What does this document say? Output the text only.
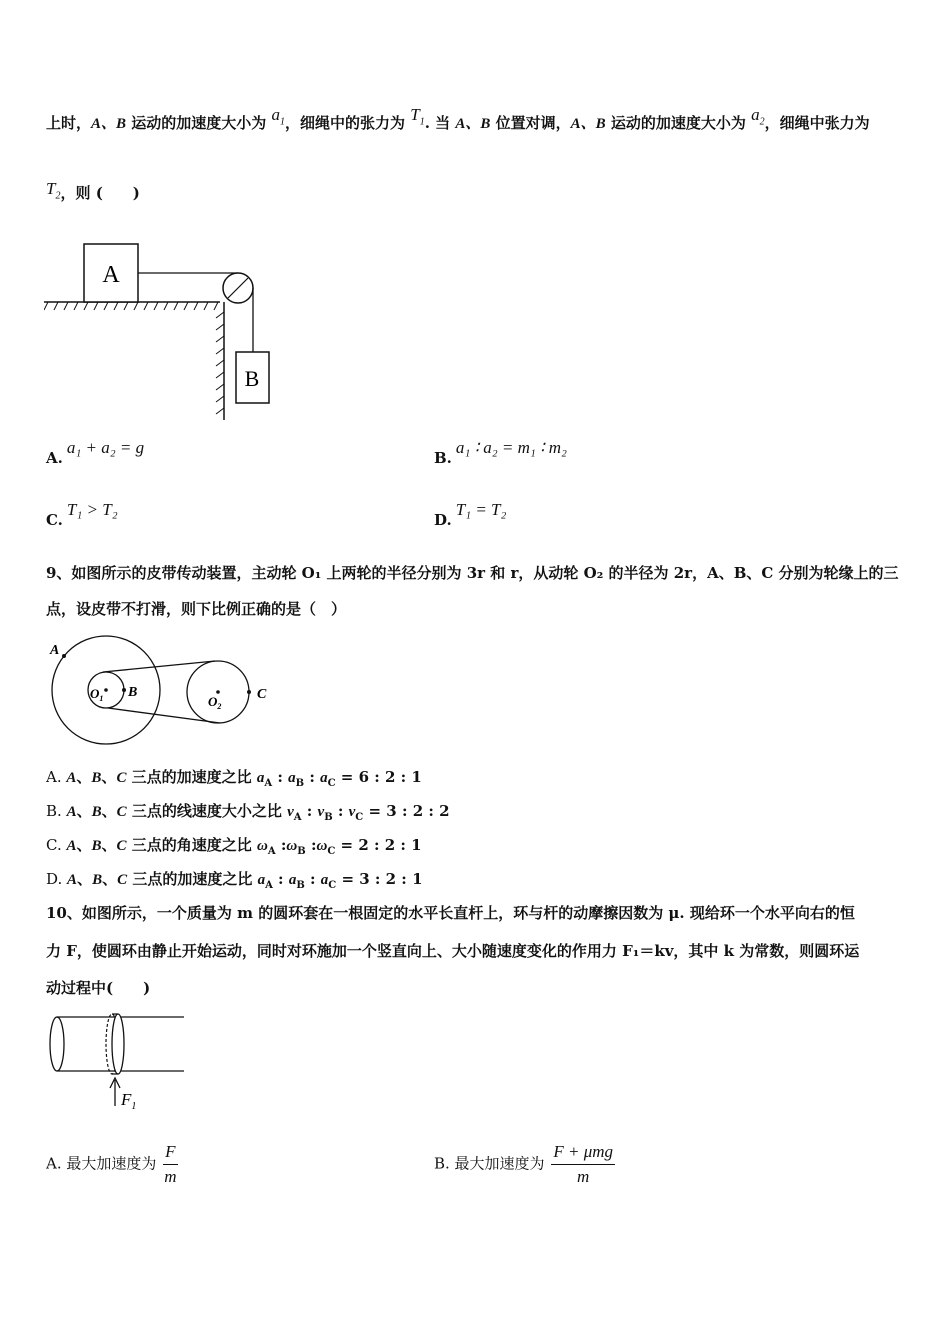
上时，A、B 运动的加速度大小为 $a_1$，细绳中的张力为 $T_1$. 当 A、B 位置对调，A、B 运动的加速度大小为 $a_2$，细绳中张力为
$T_2$，则 (　　)
A
B
A.a₁ + a₂ = g
B.a₁ ∶ a₂ = m₁ ∶ m₂
C.T₁ > T₂
D.T₁ = T₂
9、如图所示的皮带传动装置，主动轮 O₁ 上两轮的半径分别为 3r 和 r，从动轮 O₂ 的半径为 2r，A、B、C 分别为轮缘上的三
点，设皮带不打滑，则下比例正确的是（　）
A
B	C
$O_1$	$O_2$
A. A、B、C 三点的加速度之比 $a_A$ : $a_B$ : $a_C = 6$ : 2 : 1
B. A、B、C 三点的线速度大小之比 $v_A$ : $v_B$ : $v_C = 3$ : 2 : 2
C. A、B、C 三点的角速度之比 $\omega_A$ $:\omega_B$ $:\omega_C = 2$ : 2 : 1
D. A、B、C 三点的加速度之比 $a_A$ : $a_B$ : $a_C = 3$ : 2 : 1
10、如图所示，一个质量为 m 的圆环套在一根固定的水平长直杆上，环与杆的动摩擦因数为 μ. 现给环一个水平向右的恒
力 F，使圆环由静止开始运动，同时对环施加一个竖直向上、大小随速度变化的作用力 F₁＝kv，其中 k 为常数，则圆环运
动过程中(　　)
$F_1$
A. 最大加速度为 $\frac{F}{m}$	B. 最大加速度为 $\frac{\text{F + μmg}}{m}$
